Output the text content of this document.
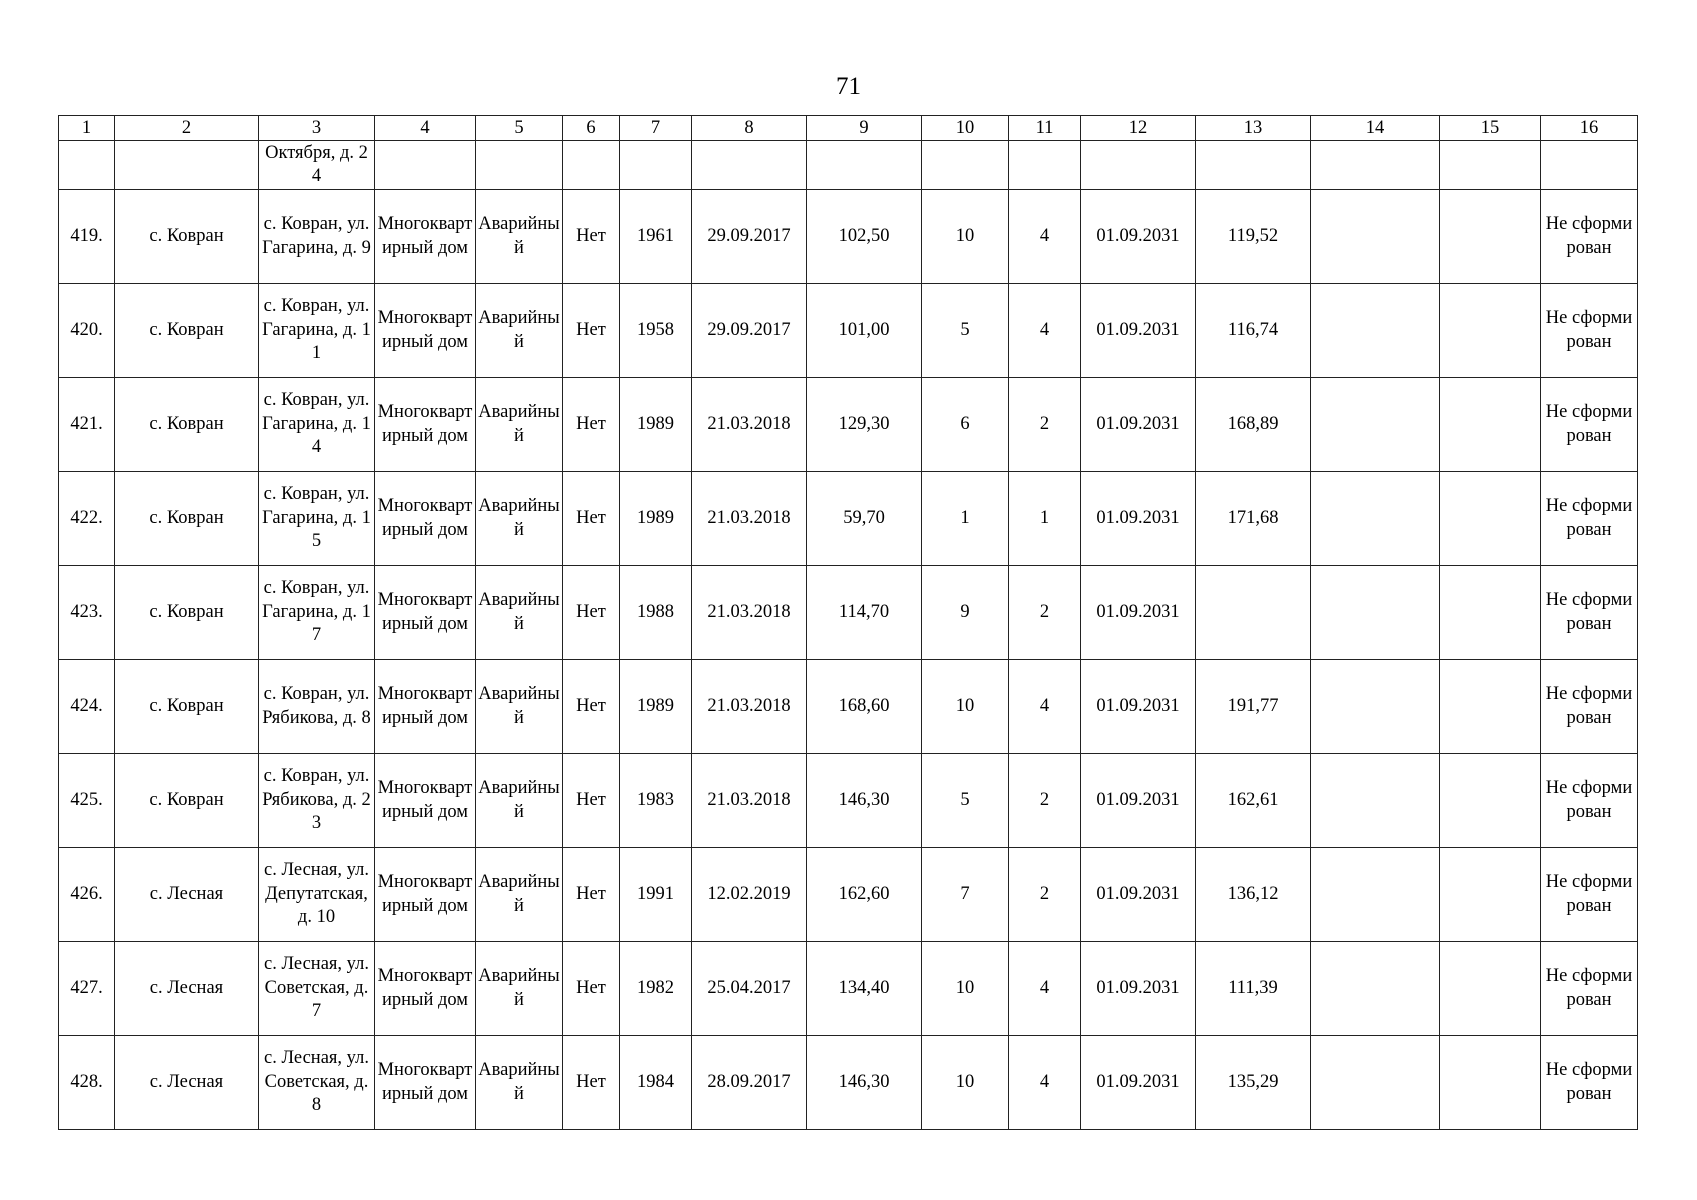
71
1	2	3	4	5	6	7	8	9	10	11	12	13	14	15	16
		Октября, д. 24													
419.	с. Ковран	с. Ковран, ул. Гагарина, д. 9	Многоквартирный дом	Аварийный	Нет	1961	29.09.2017	102,50	10	4	01.09.2031	119,52			Не сформирован
420.	с. Ковран	с. Ковран, ул. Гагарина, д. 11	Многоквартирный дом	Аварийный	Нет	1958	29.09.2017	101,00	5	4	01.09.2031	116,74			Не сформирован
421.	с. Ковран	с. Ковран, ул. Гагарина, д. 14	Многоквартирный дом	Аварийный	Нет	1989	21.03.2018	129,30	6	2	01.09.2031	168,89			Не сформирован
422.	с. Ковран	с. Ковран, ул. Гагарина, д. 15	Многоквартирный дом	Аварийный	Нет	1989	21.03.2018	59,70	1	1	01.09.2031	171,68			Не сформирован
423.	с. Ковран	с. Ковран, ул. Гагарина, д. 17	Многоквартирный дом	Аварийный	Нет	1988	21.03.2018	114,70	9	2	01.09.2031				Не сформирован
424.	с. Ковран	с. Ковран, ул. Рябикова, д. 8	Многоквартирный дом	Аварийный	Нет	1989	21.03.2018	168,60	10	4	01.09.2031	191,77			Не сформирован
425.	с. Ковран	с. Ковран, ул. Рябикова, д. 23	Многоквартирный дом	Аварийный	Нет	1983	21.03.2018	146,30	5	2	01.09.2031	162,61			Не сформирован
426.	с. Лесная	с. Лесная, ул. Депутатская, д. 10	Многоквартирный дом	Аварийный	Нет	1991	12.02.2019	162,60	7	2	01.09.2031	136,12			Не сформирован
427.	с. Лесная	с. Лесная, ул. Советская, д. 7	Многоквартирный дом	Аварийный	Нет	1982	25.04.2017	134,40	10	4	01.09.2031	111,39			Не сформирован
428.	с. Лесная	с. Лесная, ул. Советская, д. 8	Многоквартирный дом	Аварийный	Нет	1984	28.09.2017	146,30	10	4	01.09.2031	135,29			Не сформирован
